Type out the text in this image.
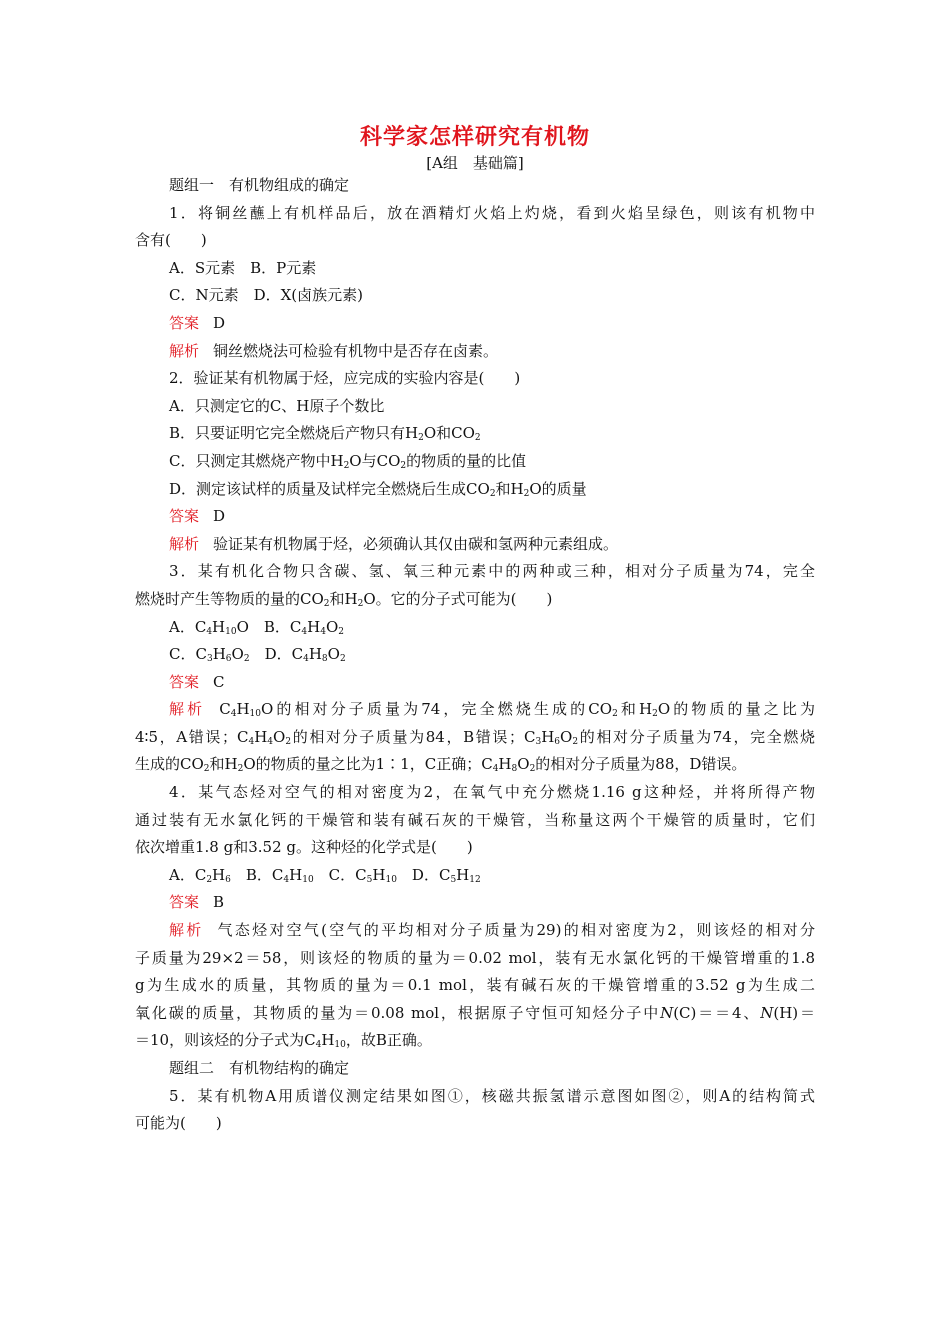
科学家怎样研究有机物
[A组　基础篇]
题组一　有机物组成的确定
1．将铜丝蘸上有机样品后，放在酒精灯火焰上灼烧，看到火焰呈绿色，则该有机物中
含有(　　)
A．S元素　B．P元素
C．N元素　D．X(卤族元素)
答案 D
解析 铜丝燃烧法可检验有机物中是否存在卤素。
2．验证某有机物属于烃，应完成的实验内容是(　　)
A．只测定它的C、H原子个数比
B．只要证明它完全燃烧后产物只有$H_2O$和$CO_2$
C．只测定其燃烧产物中$H_2O$与$CO_2$的物质的量的比值
D．测定该试样的质量及试样完全燃烧后生成$CO_2$和$H_2O$的质量
答案 D
解析 验证某有机物属于烃，必须确认其仅由碳和氢两种元素组成。
3．某有机化合物只含碳、氢、氧三种元素中的两种或三种，相对分子质量为74，完全
燃烧时产生等物质的量的$CO_2$和$H_2O$。它的分子式可能为(　　)
A．$C_4H_{10}O$　B．$C_4H_4O_2$
C．$C_3H_6O_2$　D．$C_4H_8O_2$
答案 C
解析 $C_4H_{10}O$的相对分子质量为74，完全燃烧生成的$CO_2$和$H_2O$的物质的量之比为
4∶5，A错误；$C_4H_4O_2$的相对分子质量为84，B错误；$C_3H_6O_2$的相对分子质量为74，完全燃烧
生成的$CO_2$和$H_2O$的物质的量之比为1∶1，C正确；$C_4H_8O_2$的相对分子质量为88，D错误。
4．某气态烃对空气的相对密度为2，在氧气中充分燃烧1.16 g这种烃，并将所得产物
通过装有无水氯化钙的干燥管和装有碱石灰的干燥管，当称量这两个干燥管的质量时，它们
依次增重1.8 g和3.52 g。这种烃的化学式是(　　)
A．$C_2H_6$　B．$C_4H_{10}$　C．$C_5H_{10}$　D．$C_5H_{12}$
答案 B
解析 气态烃对空气(空气的平均相对分子质量为29)的相对密度为2，则该烃的相对分
子质量为29×2＝58，则该烃的物质的量为＝0.02 mol，装有无水氯化钙的干燥管增重的1.8
g为生成水的质量，其物质的量为＝0.1 mol，装有碱石灰的干燥管增重的3.52 g为生成二
氧化碳的质量，其物质的量为＝0.08 mol，根据原子守恒可知烃分子中N(C)＝＝4、N(H)＝
＝10，则该烃的分子式为$C_4H_{10}$，故B正确。
题组二　有机物结构的确定
5．某有机物A用质谱仪测定结果如图①，核磁共振氢谱示意图如图②，则A的结构简式
可能为(　　)
